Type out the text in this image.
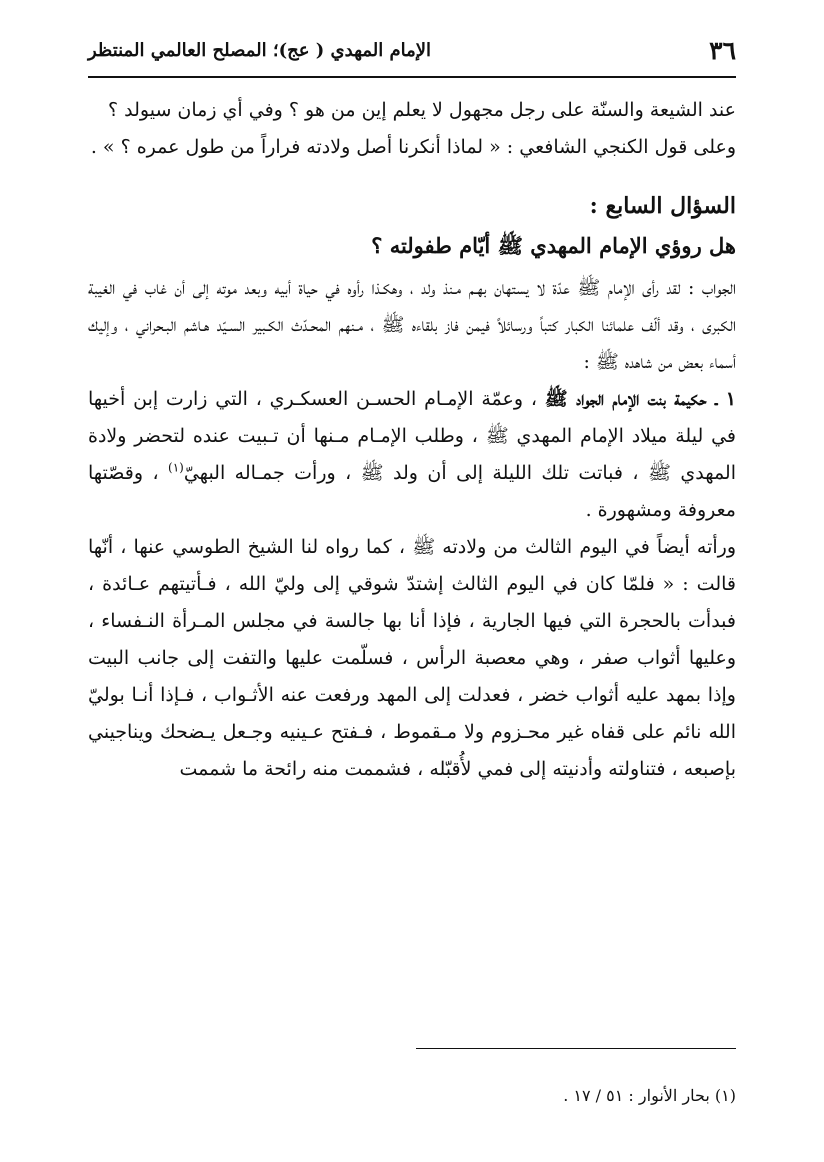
٣٦
الإمام المهدي ( عج)؛ المصلح العالمي المنتظر

عند الشيعة والسنّة على رجل مجهول لا يعلم إين من هو ؟ وفي أي زمان سيولد ؟

وعلى قول الكنجي الشافعي : « لماذا أنكرنا أصل ولادته فراراً من طول عمره ؟ » .

السؤال السابع :

هل روؤي الإمام المهدي ﷺ أيّام طفولته ؟

الجواب : لقد رأى الإمام ﷺ عدّة لا يستهان بهـم مـنذ ولد ، وهكـذا رأوه في حياة أبيه وبعد موته إلى أن غاب في الغيبة الكبرى ، وقد ألّف علمائنا الكبار كتباً ورسائلاً فيمن فاز بلقاءه ﷺ ، مـنهم المحـدّث الكـبير السـيّد هـاشم البـحراني ، وإليك أسماء بعض من شاهده ﷺ :

١ ـ حكيمة بنت الإمام الجواد ﷺ ، وعمّة الإمـام الحسـن العسكـري ، التي زارت إبن أخيها في ليلة ميلاد الإمام المهدي ﷺ ، وطلب الإمـام مـنها أن تـبيت عنده لتحضر ولادة المهدي ﷺ ، فباتت تلك الليلة إلى أن ولد ﷺ ، ورأت جمـاله البهيّ$^{(١)}$ ، وقصّتها معروفة ومشهورة .

ورأته أيضاً في اليوم الثالث من ولادته ﷺ ، كما رواه لنا الشيخ الطوسي عنها ، أنّها قالت : « فلمّا كان في اليوم الثالث إشتدّ شوقي إلى وليّ الله ، فـأتيتهم عـائدة ، فبدأت بالحجرة التي فيها الجارية ، فإذا أنا بها جالسة في مجلس المـرأة النـفساء ، وعليها أثواب صفر ، وهي معصبة الرأس ، فسلّمت عليها والتفت إلى جانب البيت وإذا بمهد عليه أثواب خضر ، فعدلت إلى المهد ورفعت عنه الأثـواب ، فـإذا أنـا بوليّ الله نائم على قفاه غير محـزوم ولا مـقموط ، فـفتح عـينيه وجـعل يـضحك ويناجيني بإصبعه ، فتناولته وأدنيته إلى فمي لأُقبّله ، فشممت منه رائحة ما شممت

(١) بحار الأنوار : ٥١ / ١٧ .
